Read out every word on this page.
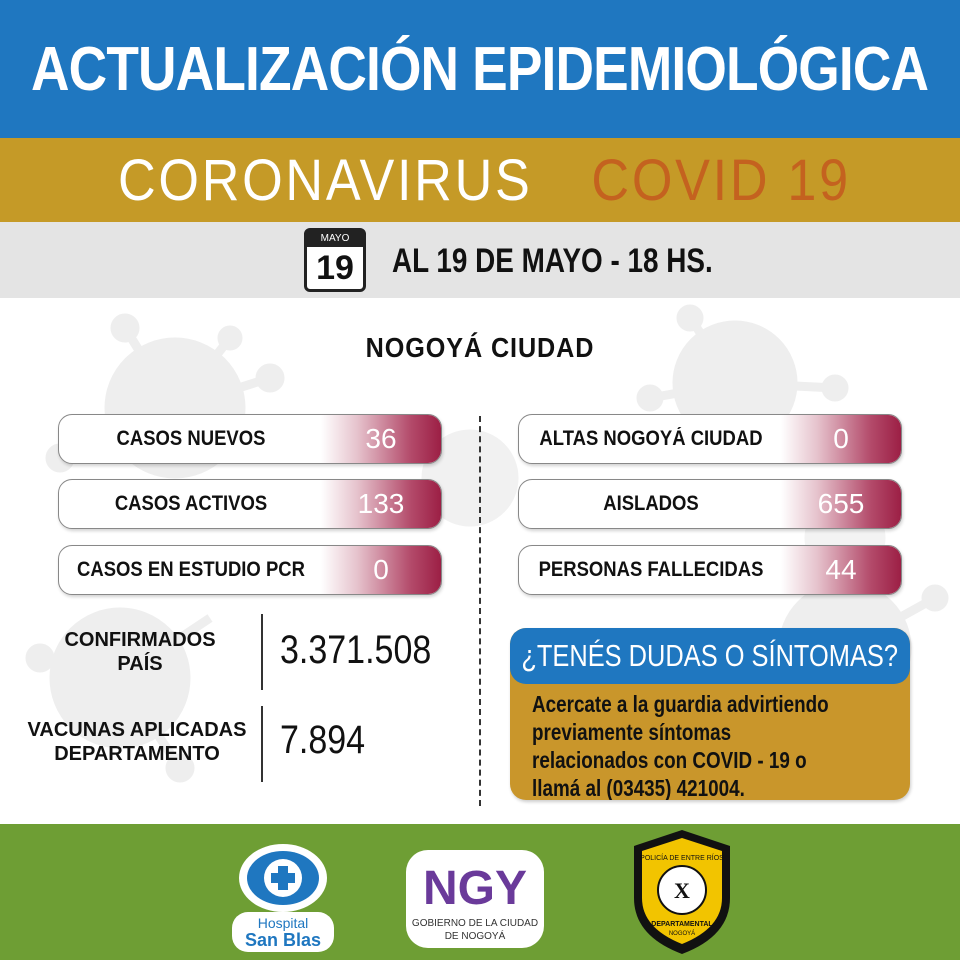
ACTUALIZACIÓN EPIDEMIOLÓGICA
CORONAVIRUS COVID 19
MAYO
19 AL 19 DE MAYO - 18 HS.
NOGOYÁ CIUDAD
CASOS NUEVOS	36
CASOS ACTIVOS	133
CASOS EN ESTUDIO PCR	0
ALTAS NOGOYÁ CIUDAD	0
AISLADOS	655
PERSONAS FALLECIDAS	44
CONFIRMADOS
PAÍS	3.371.508
VACUNAS APLICADAS
DEPARTAMENTO	7.894
¿TENÉS DUDAS O SÍNTOMAS?
Acercate a la guardia advirtiendo previamente síntomas relacionados con COVID - 19 o llamá al (03435) 421004.
Hospital
San Blas
NGY
GOBIERNO DE LA CIUDAD
DE NOGOYÁ
X
POLICÍA DE ENTRE RÍOS
DEPARTAMENTAL
NOGOYÁ
